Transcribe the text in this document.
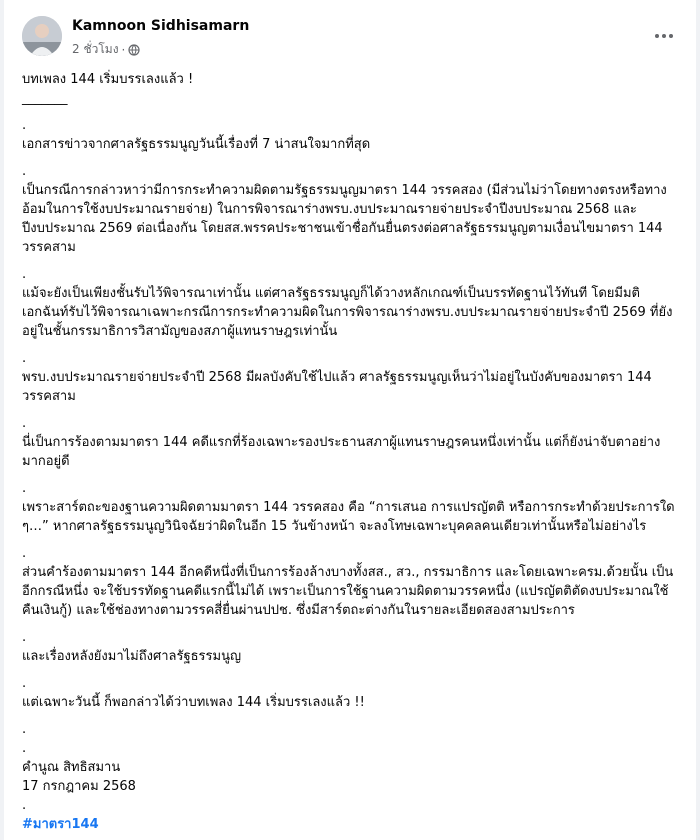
Kamnoon Sidhisamarn
2 ชั่วโมง ·

บทเพลง 144 เริ่มบรรเลงแล้ว !

_______

.

เอกสารข่าวจากศาลรัฐธรรมนูญวันนี้เรื่องที่ 7 น่าสนใจมากที่สุด

.

เป็นกรณีการกล่าวหาว่ามีการกระทำความผิดตามรัฐธรรมนูญมาตรา 144 วรรคสอง (มีส่วนไม่ว่าโดยทางตรงหรือทางอ้อมในการใช้งบประมาณรายจ่าย) ในการพิจารณาร่างพรบ.งบประมาณรายจ่ายประจำปีงบประมาณ 2568 และปีงบประมาณ 2569 ต่อเนื่องกัน โดยสส.พรรคประชาชนเข้าชื่อกันยื่นตรงต่อศาลรัฐธรรมนูญตามเงื่อนไขมาตรา 144 วรรคสาม

.

แม้จะยังเป็นเพียงชั้นรับไว้พิจารณาเท่านั้น แต่ศาลรัฐธรรมนูญก็ได้วางหลักเกณฑ์เป็นบรรทัดฐานไว้ทันที โดยมีมติเอกฉันท์รับไว้พิจารณาเฉพาะกรณีการกระทำความผิดในการพิจารณาร่างพรบ.งบประมาณรายจ่ายประจำปี 2569 ที่ยังอยู่ในชั้นกรรมาธิการวิสามัญของสภาผู้แทนราษฎรเท่านั้น

.

พรบ.งบประมาณรายจ่ายประจำปี 2568 มีผลบังคับใช้ไปแล้ว ศาลรัฐธรรมนูญเห็นว่าไม่อยู่ในบังคับของมาตรา 144 วรรคสาม

.

นี่เป็นการร้องตามมาตรา 144 คดีแรกที่ร้องเฉพาะรองประธานสภาผู้แทนราษฎรคนหนึ่งเท่านั้น แต่ก็ยังน่าจับตาอย่างมากอยู่ดี

.

เพราะสาร์ตถะของฐานความผิดตามมาตรา 144 วรรคสอง คือ “การเสนอ การแปรญัตติ หรือการกระทำด้วยประการใด ๆ…” หากศาลรัฐธรรมนูญวินิจฉัยว่าผิดในอีก 15 วันข้างหน้า จะลงโทษเฉพาะบุคคลคนเดียวเท่านั้นหรือไม่อย่างไร

.

ส่วนคำร้องตามมาตรา 144 อีกคดีหนึ่งที่เป็นการร้องล้างบางทั้งสส., สว., กรรมาธิการ และโดยเฉพาะครม.ด้วยนั้น เป็นอีกกรณีหนึ่ง จะใช้บรรทัดฐานคดีแรกนี้ไม่ได้ เพราะเป็นการใช้ฐานความผิดตามวรรคหนึ่ง (แปรญัตติตัดงบประมาณใช้คืนเงินกู้) และใช้ช่องทางตามวรรคสี่ยื่นผ่านปปช. ซึ่งมีสาร์ตถะต่างกันในรายละเอียดสองสามประการ

.

และเรื่องหลังยังมาไม่ถึงศาลรัฐธรรมนูญ

.

แต่เฉพาะวันนี้ ก็พอกล่าวได้ว่าบทเพลง 144 เริ่มบรรเลงแล้ว !!

.

.

คำนูณ สิทธิสมาน

17 กรกฎาคม 2568

.

#มาตรา144
